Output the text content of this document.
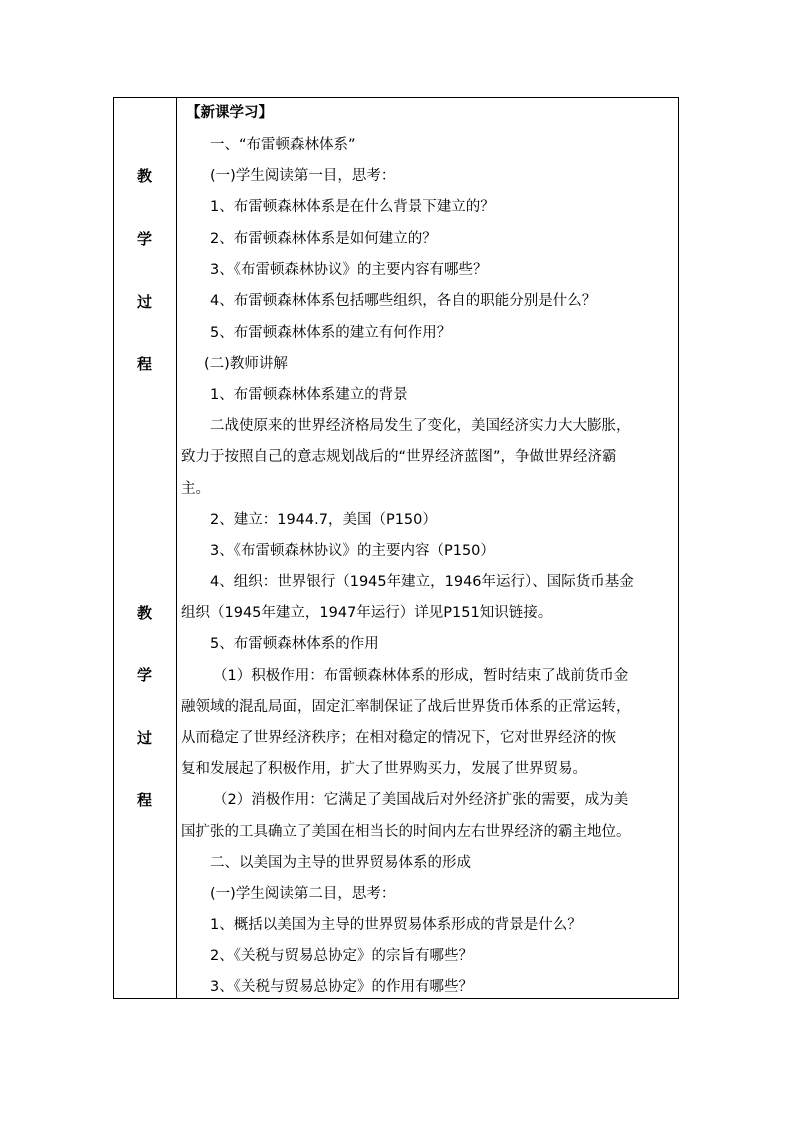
教
学
过
程
教
学
过
程
【新课学习】
一、“布雷顿森林体系”
(一)学生阅读第一目，思考：
1、布雷顿森林体系是在什么背景下建立的？
2、布雷顿森林体系是如何建立的？
3、《布雷顿森林协议》的主要内容有哪些？
4、布雷顿森林体系包括哪些组织，各自的职能分别是什么？
5、布雷顿森林体系的建立有何作用？
(二)教师讲解
1、布雷顿森林体系建立的背景
二战使原来的世界经济格局发生了变化，美国经济实力大大膨胀，
致力于按照自己的意志规划战后的“世界经济蓝图”，争做世界经济霸
主。
2、建立：1944.7，美国（P150）
3、《布雷顿森林协议》的主要内容（P150）
4、组织：世界银行（1945年建立，1946年运行）、国际货币基金
组织（1945年建立，1947年运行）详见P151知识链接。
5、布雷顿森林体系的作用
（1）积极作用：布雷顿森林体系的形成，暂时结束了战前货币金
融领域的混乱局面，固定汇率制保证了战后世界货币体系的正常运转，
从而稳定了世界经济秩序；在相对稳定的情况下，它对世界经济的恢
复和发展起了积极作用，扩大了世界购买力，发展了世界贸易。
（2）消极作用：它满足了美国战后对外经济扩张的需要，成为美
国扩张的工具确立了美国在相当长的时间内左右世界经济的霸主地位。
二、以美国为主导的世界贸易体系的形成
(一)学生阅读第二目，思考：
1、概括以美国为主导的世界贸易体系形成的背景是什么？
2、《关税与贸易总协定》的宗旨有哪些？
3、《关税与贸易总协定》的作用有哪些？
